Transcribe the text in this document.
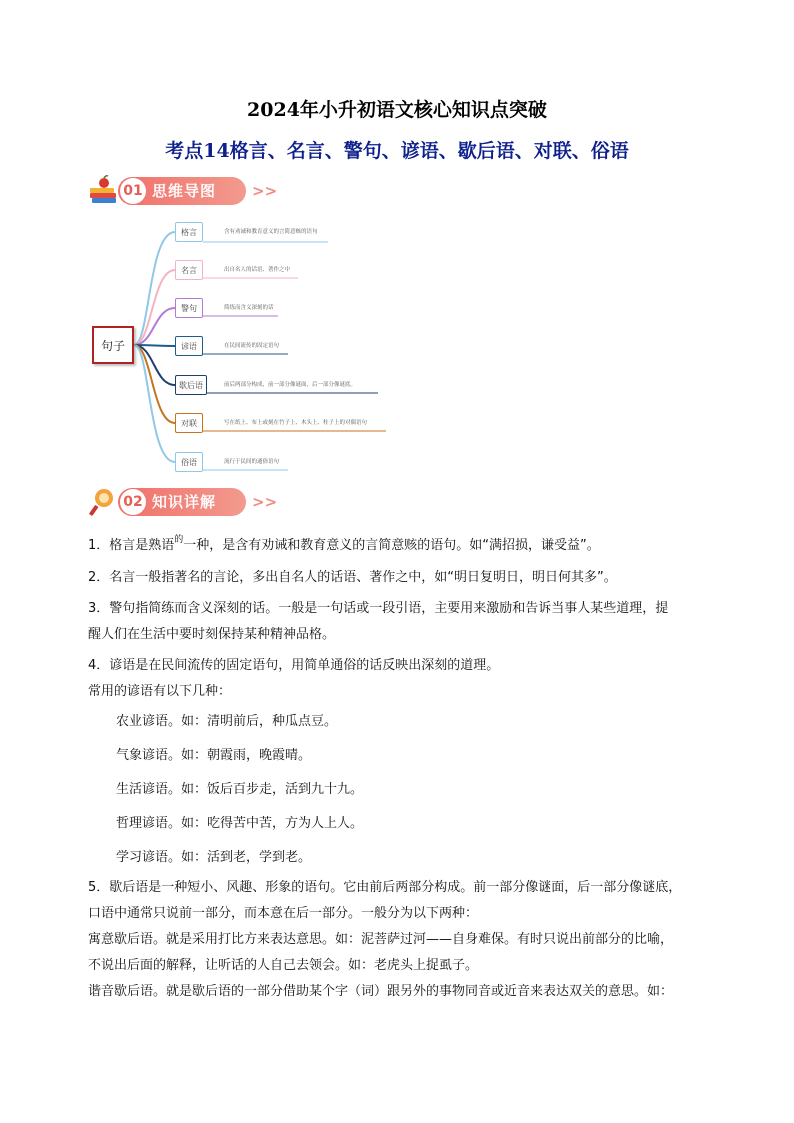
2024年小升初语文核心知识点突破
考点14格言、名言、警句、谚语、歇后语、对联、俗语
01 思维导图 >>
句子
格言	含有劝诫和教育意义的言简意赅的语句
名言	出自名人的话语、著作之中
警句	简练而含义深刻的话
谚语	在民间流传的固定语句
歇后语	前后两部分构成，前一部分像谜面，后一部分像谜底。
对联	写在纸上、布上或刻在竹子上、木头上、柱子上的对偶语句
俗语	流行于民间的通俗语句
02 知识详解 >>

1．格言是熟语$^的$一种，是含有劝诫和教育意义的言简意赅的语句。如“满招损，谦受益”。

2．名言一般指著名的言论，多出自名人的话语、著作之中，如“明日复明日，明日何其多”。

3．警句指简练而含义深刻的话。一般是一句话或一段引语，主要用来激励和告诉当事人某些道理，提

醒人们在生活中要时刻保持某种精神品格。

4．谚语是在民间流传的固定语句，用简单通俗的话反映出深刻的道理。

常用的谚语有以下几种：

农业谚语。如：清明前后，种瓜点豆。

气象谚语。如：朝霞雨，晚霞晴。

生活谚语。如：饭后百步走，活到九十九。

哲理谚语。如：吃得苦中苦，方为人上人。

学习谚语。如：活到老，学到老。

5．歇后语是一种短小、风趣、形象的语句。它由前后两部分构成。前一部分像谜面，后一部分像谜底，

口语中通常只说前一部分，而本意在后一部分。一般分为以下两种：

寓意歇后语。就是采用打比方来表达意思。如：泥菩萨过河——自身难保。有时只说出前部分的比喻，

不说出后面的解释，让听话的人自己去领会。如：老虎头上捉虱子。

谐音歇后语。就是歇后语的一部分借助某个字（词）跟另外的事物同音或近音来表达双关的意思。如：
